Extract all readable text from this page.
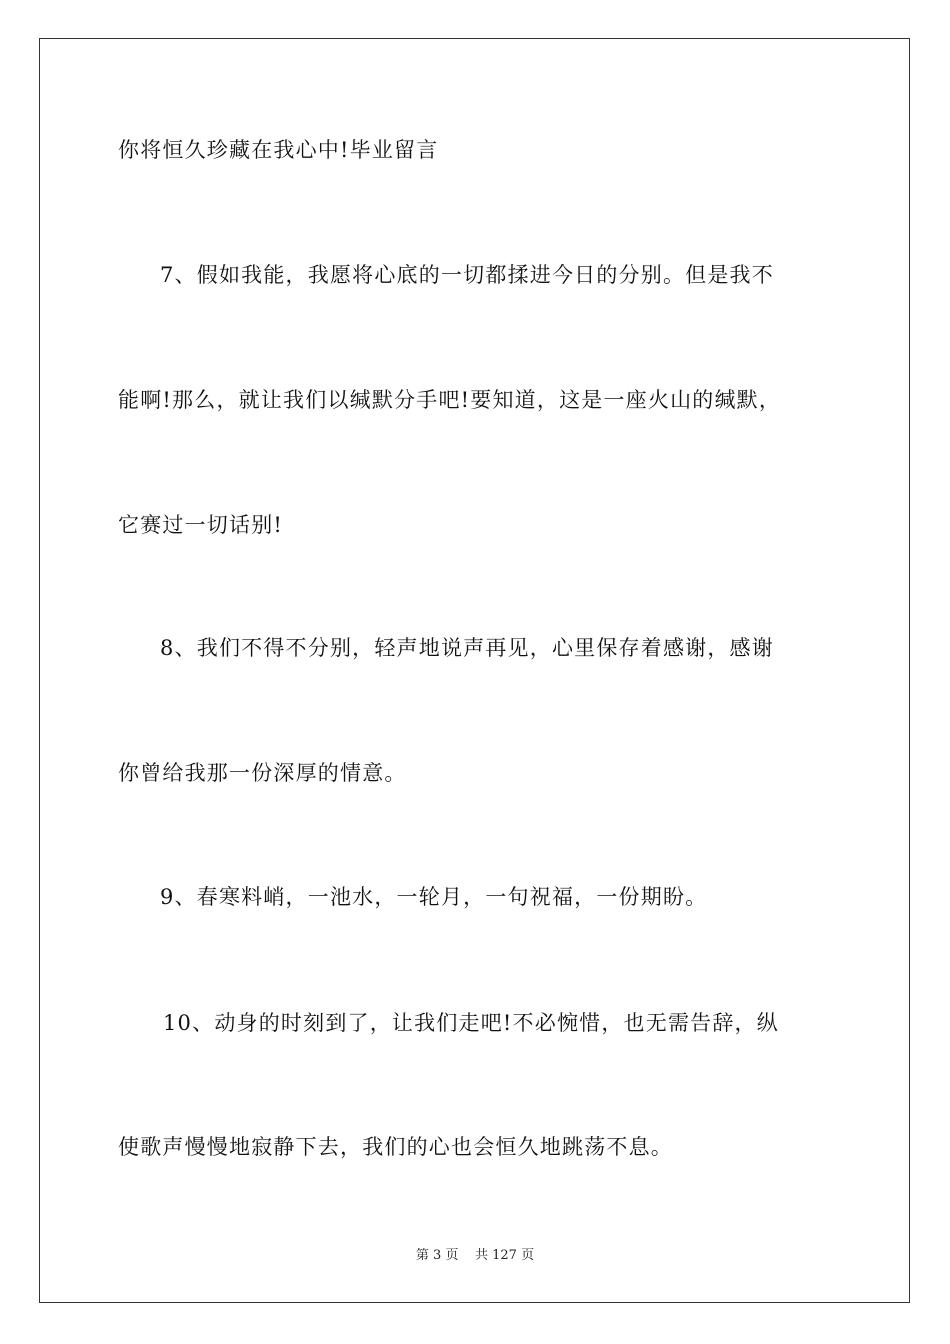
你将恒久珍藏在我心中!毕业留言
7、假如我能，我愿将心底的一切都揉进今日的分别。但是我不
能啊!那么，就让我们以缄默分手吧!要知道，这是一座火山的缄默，
它赛过一切话别!
8、我们不得不分别，轻声地说声再见，心里保存着感谢，感谢
你曾给我那一份深厚的情意。
9、春寒料峭，一池水，一轮月，一句祝福，一份期盼。
10、动身的时刻到了，让我们走吧!不必惋惜，也无需告辞，纵
使歌声慢慢地寂静下去，我们的心也会恒久地跳荡不息。
第 3 页    共 127 页
